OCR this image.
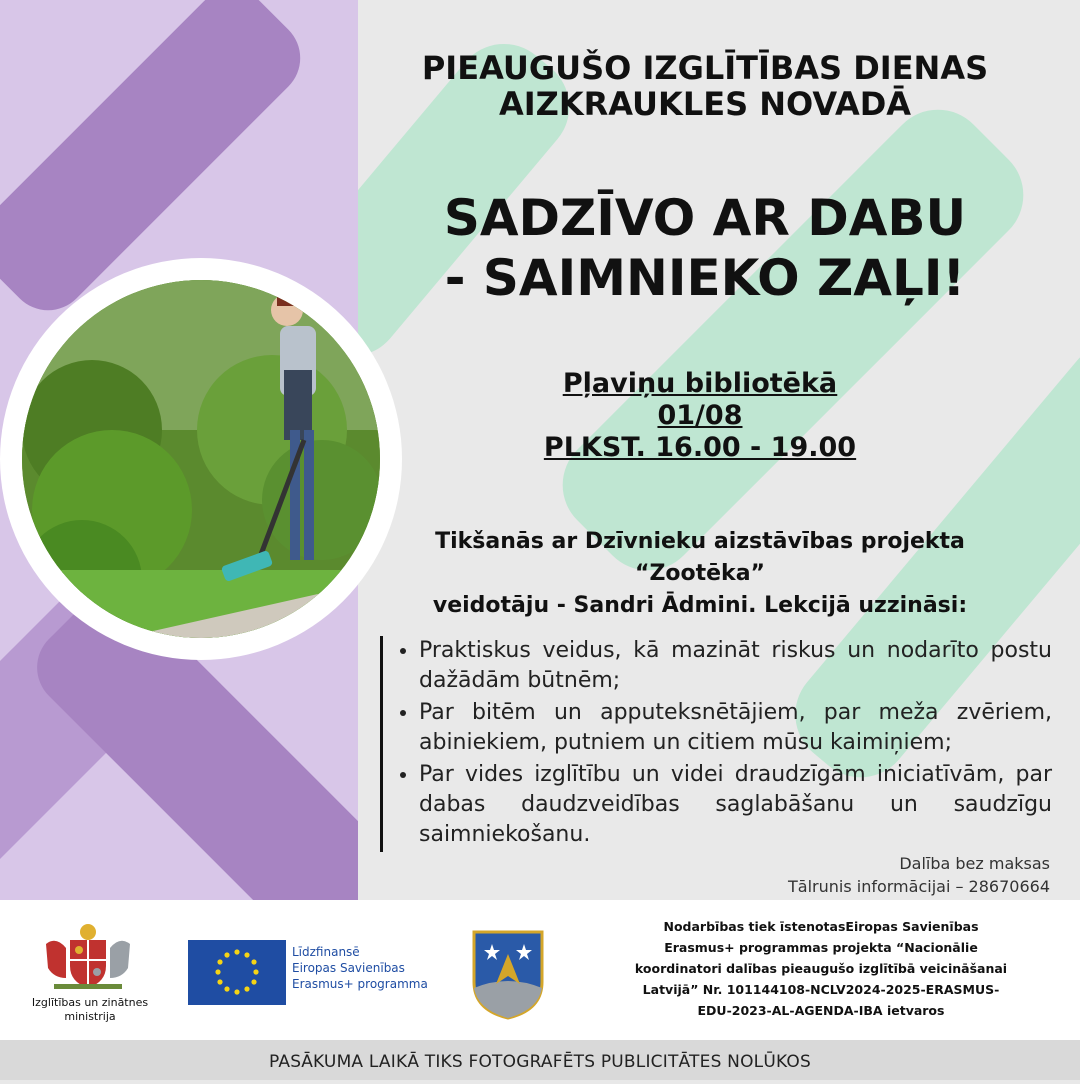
PIEAUGUŠO IZGLĪTĪBAS DIENAS
AIZKRAUKLES NOVADĀ
SADZĪVO AR DABU
- SAIMNIEKO ZAĻI!
Pļaviņu bibliotēkā
01/08
PLKST. 16.00 - 19.00
Tikšanās ar Dzīvnieku aizstāvības projekta “Zootēka”
veidotāju - Sandri Ādmini. Lekcijā uzzināsi:
• Praktiskus veidus, kā mazināt riskus un nodarīto postu dažādām būtnēm;
• Par bitēm un apputeksnētājiem, par meža zvēriem, abiniekiem, putniem un citiem mūsu kaimiņiem;
• Par vides izglītību un videi draudzīgām iniciatīvām, par dabas daudzveidības saglabāšanu un saudzīgu saimniekošanu.
Dalība bez maksas
Tālrunis informācijai – 28670664
Izglītības un zinātnes
ministrija
Līdzfinansē
Eiropas Savienības
Erasmus+ programma
Nodarbības tiek īstenotasEiropas Savienības
Erasmus+ programmas projekta “Nacionālie
koordinatori dalības pieaugušo izglītībā veicināšanai
Latvijā” Nr. 101144108-NCLV2024-2025-ERASMUS-
EDU-2023-AL-AGENDA-IBA ietvaros
PASĀKUMA LAIKĀ TIKS FOTOGRAFĒTS PUBLICITĀTES NOLŪKOS
